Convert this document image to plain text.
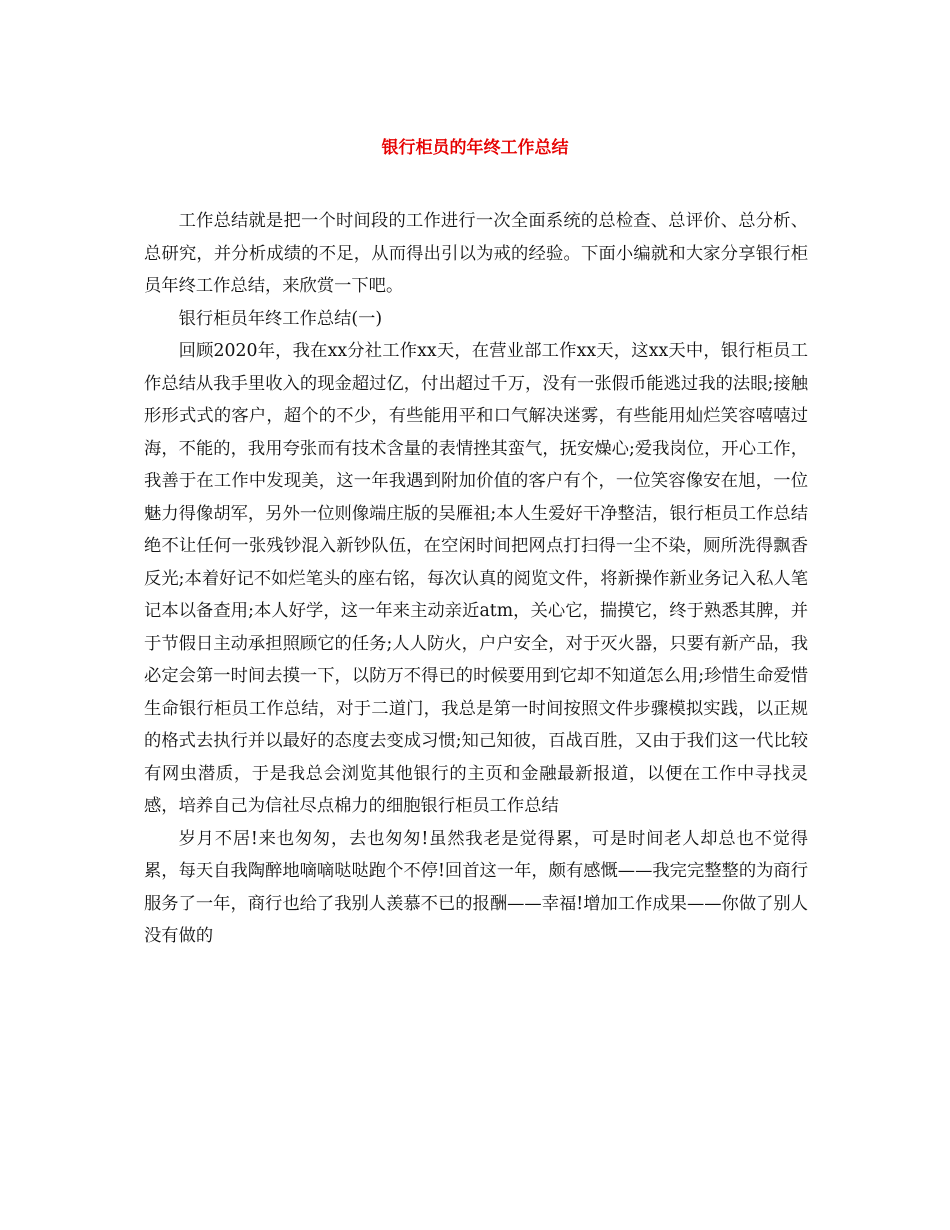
银行柜员的年终工作总结

工作总结就是把一个时间段的工作进行一次全面系统的总检查、总评价、总分析、总研究，并分析成绩的不足，从而得出引以为戒的经验。下面小编就和大家分享银行柜员年终工作总结，来欣赏一下吧。

银行柜员年终工作总结(一)

回顾2020年，我在xx分社工作xx天，在营业部工作xx天，这xx天中，银行柜员工作总结从我手里收入的现金超过亿，付出超过千万，没有一张假币能逃过我的法眼;接触形形式式的客户，超个的不少，有些能用平和口气解决迷雾，有些能用灿烂笑容嘻嘻过海，不能的，我用夸张而有技术含量的表情挫其蛮气，抚安燥心;爱我岗位，开心工作，我善于在工作中发现美，这一年我遇到附加价值的客户有个，一位笑容像安在旭，一位魅力得像胡军，另外一位则像端庄版的吴雁祖;本人生爱好干净整洁，银行柜员工作总结绝不让任何一张残钞混入新钞队伍，在空闲时间把网点打扫得一尘不染，厕所洗得飘香反光;本着好记不如烂笔头的座右铭，每次认真的阅览文件，将新操作新业务记入私人笔记本以备查用;本人好学，这一年来主动亲近atm，关心它，揣摸它，终于熟悉其脾，并于节假日主动承担照顾它的任务;人人防火，户户安全，对于灭火器，只要有新产品，我必定会第一时间去摸一下，以防万不得已的时候要用到它却不知道怎么用;珍惜生命爱惜生命银行柜员工作总结，对于二道门，我总是第一时间按照文件步骤模拟实践，以正规的格式去执行并以最好的态度去变成习惯;知己知彼，百战百胜，又由于我们这一代比较有网虫潜质，于是我总会浏览其他银行的主页和金融最新报道，以便在工作中寻找灵感，培养自己为信社尽点棉力的细胞银行柜员工作总结

岁月不居!来也匆匆，去也匆匆!虽然我老是觉得累，可是时间老人却总也不觉得累，每天自我陶醉地嘀嘀哒哒跑个不停!回首这一年，颇有感慨——我完完整整的为商行服务了一年，商行也给了我别人羡慕不已的报酬——幸福!增加工作成果——你做了别人没有做的
